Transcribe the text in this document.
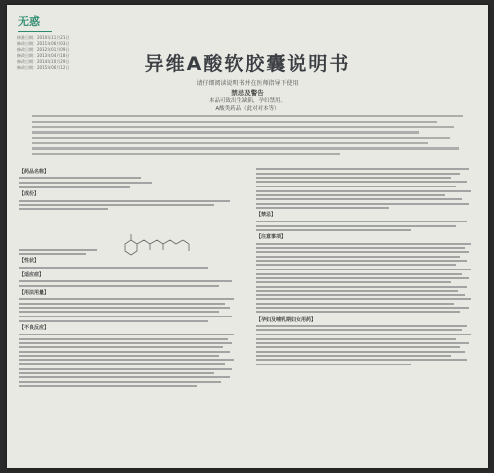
无惑
核准日期：2010年11月21日
修改日期：2011年06月03日
修改日期：2012年01月09日
修改日期：2013年04月18日
修改日期：2014年10月29日
修改日期：2015年06月12日	异维A酸软胶囊说明书
请仔细阅读说明书并在医师指导下使用
禁忌及警告
本品可致出生缺陷，孕妇禁用。
A酸类药品（此对对本等）
【药品名称】
【成份】
【性状】
【适应症】
【用法用量】
【不良反应】
【禁忌】
【注意事项】
【孕妇及哺乳期妇女用药】
